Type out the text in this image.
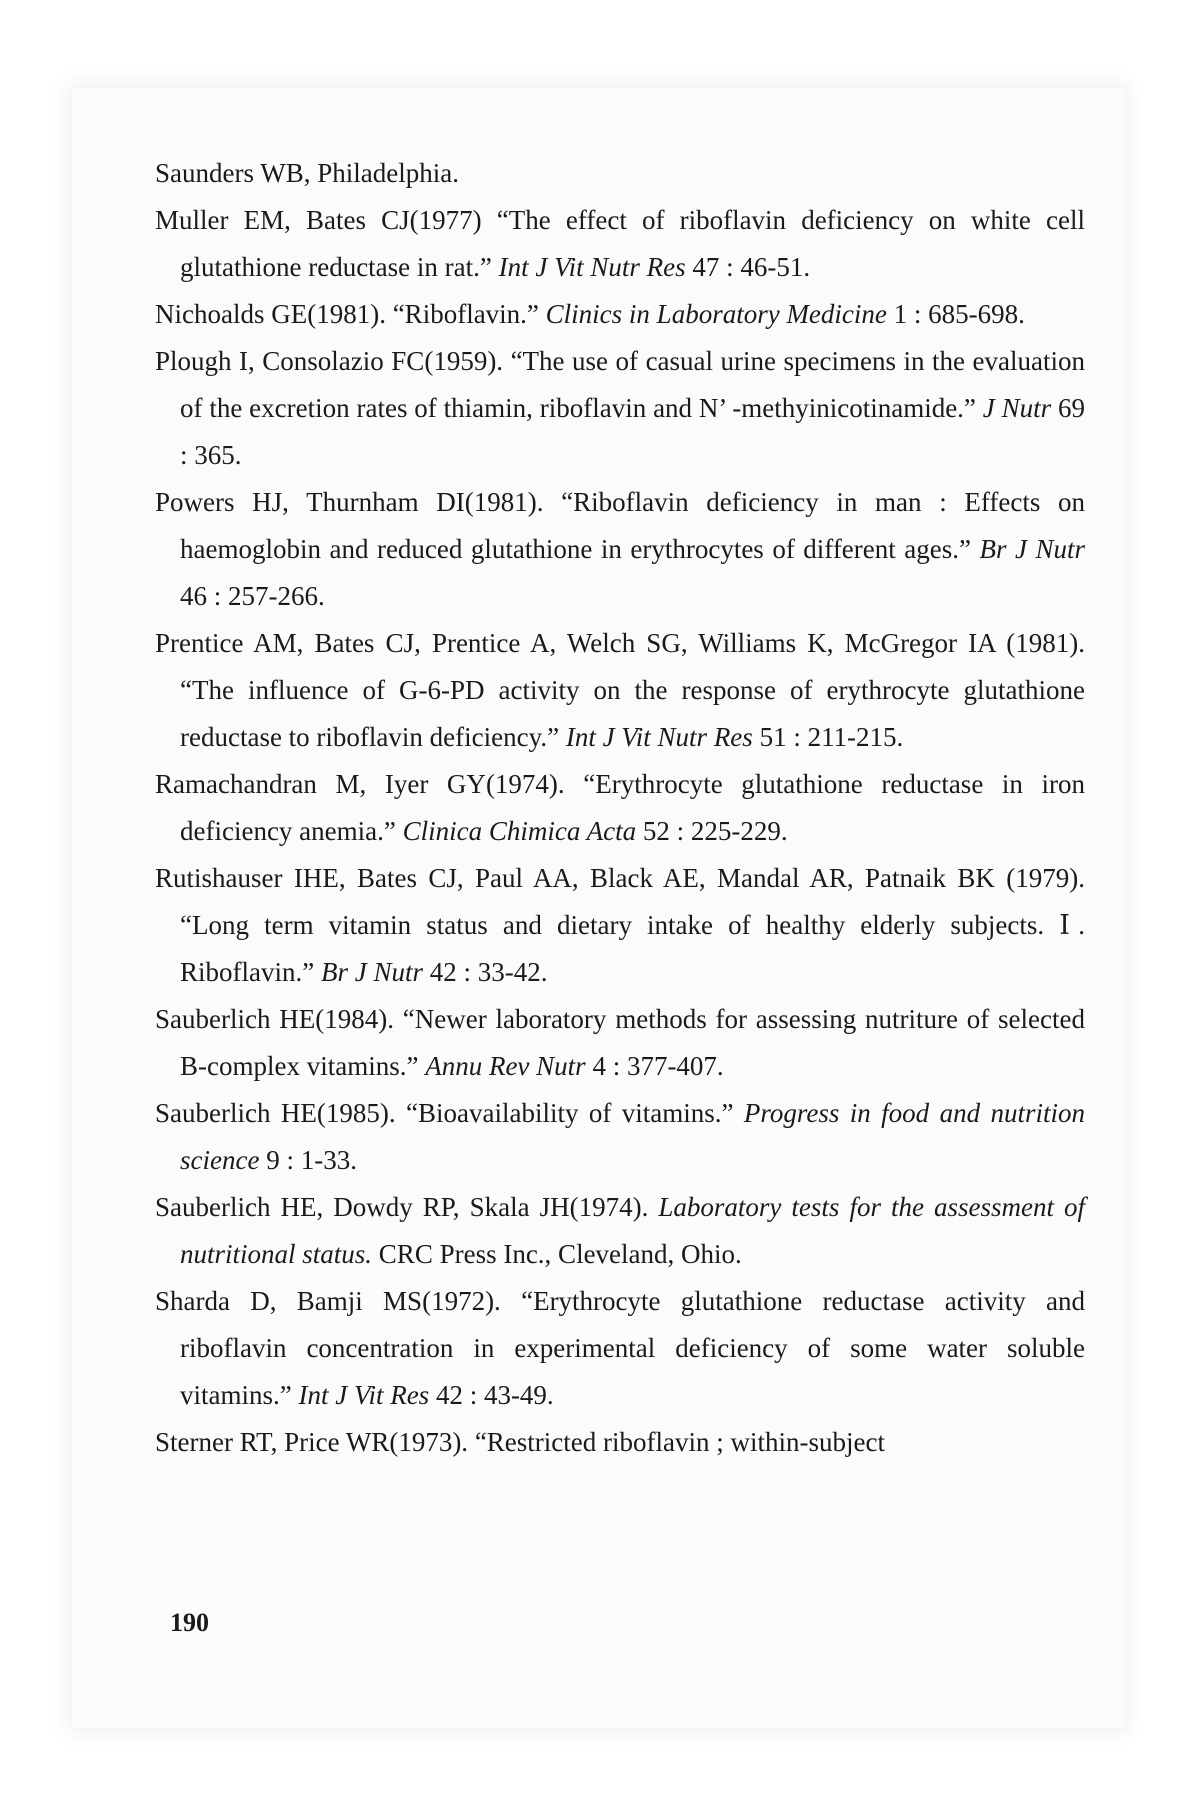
Saunders WB, Philadelphia.
Muller EM, Bates CJ(1977) “The effect of riboflavin deficiency on white cell glutathione reductase in rat.” Int J Vit Nutr Res 47 : 46-51.
Nichoalds GE(1981). “Riboflavin.” Clinics in Laboratory Medicine 1 : 685-698.
Plough I, Consolazio FC(1959). “The use of casual urine specimens in the evaluation of the excretion rates of thiamin, riboflavin and N’ -methyinicotinamide.” J Nutr 69 : 365.
Powers HJ, Thurnham DI(1981). “Riboflavin deficiency in man : Effects on haemoglobin and reduced glutathione in erythrocytes of different ages.” Br J Nutr 46 : 257-266.
Prentice AM, Bates CJ, Prentice A, Welch SG, Williams K, McGregor IA (1981). “The influence of G-6-PD activity on the response of erythrocyte glutathione reductase to riboflavin deficiency.” Int J Vit Nutr Res 51 : 211-215.
Ramachandran M, Iyer GY(1974). “Erythrocyte glutathione reductase in iron deficiency anemia.” Clinica Chimica Acta 52 : 225-229.
Rutishauser IHE, Bates CJ, Paul AA, Black AE, Mandal AR, Patnaik BK (1979). “Long term vitamin status and dietary intake of healthy elderly subjects. Ⅰ. Riboflavin.” Br J Nutr 42 : 33-42.
Sauberlich HE(1984). “Newer laboratory methods for assessing nutriture of selected B-complex vitamins.” Annu Rev Nutr 4 : 377-407.
Sauberlich HE(1985). “Bioavailability of vitamins.” Progress in food and nutrition science 9 : 1-33.
Sauberlich HE, Dowdy RP, Skala JH(1974). Laboratory tests for the assessment of nutritional status. CRC Press Inc., Cleveland, Ohio.
Sharda D, Bamji MS(1972). “Erythrocyte glutathione reductase activity and riboflavin concentration in experimental deficiency of some water soluble vitamins.” Int J Vit Res 42 : 43-49.
Sterner RT, Price WR(1973). “Restricted riboflavin ; within-subject
190
